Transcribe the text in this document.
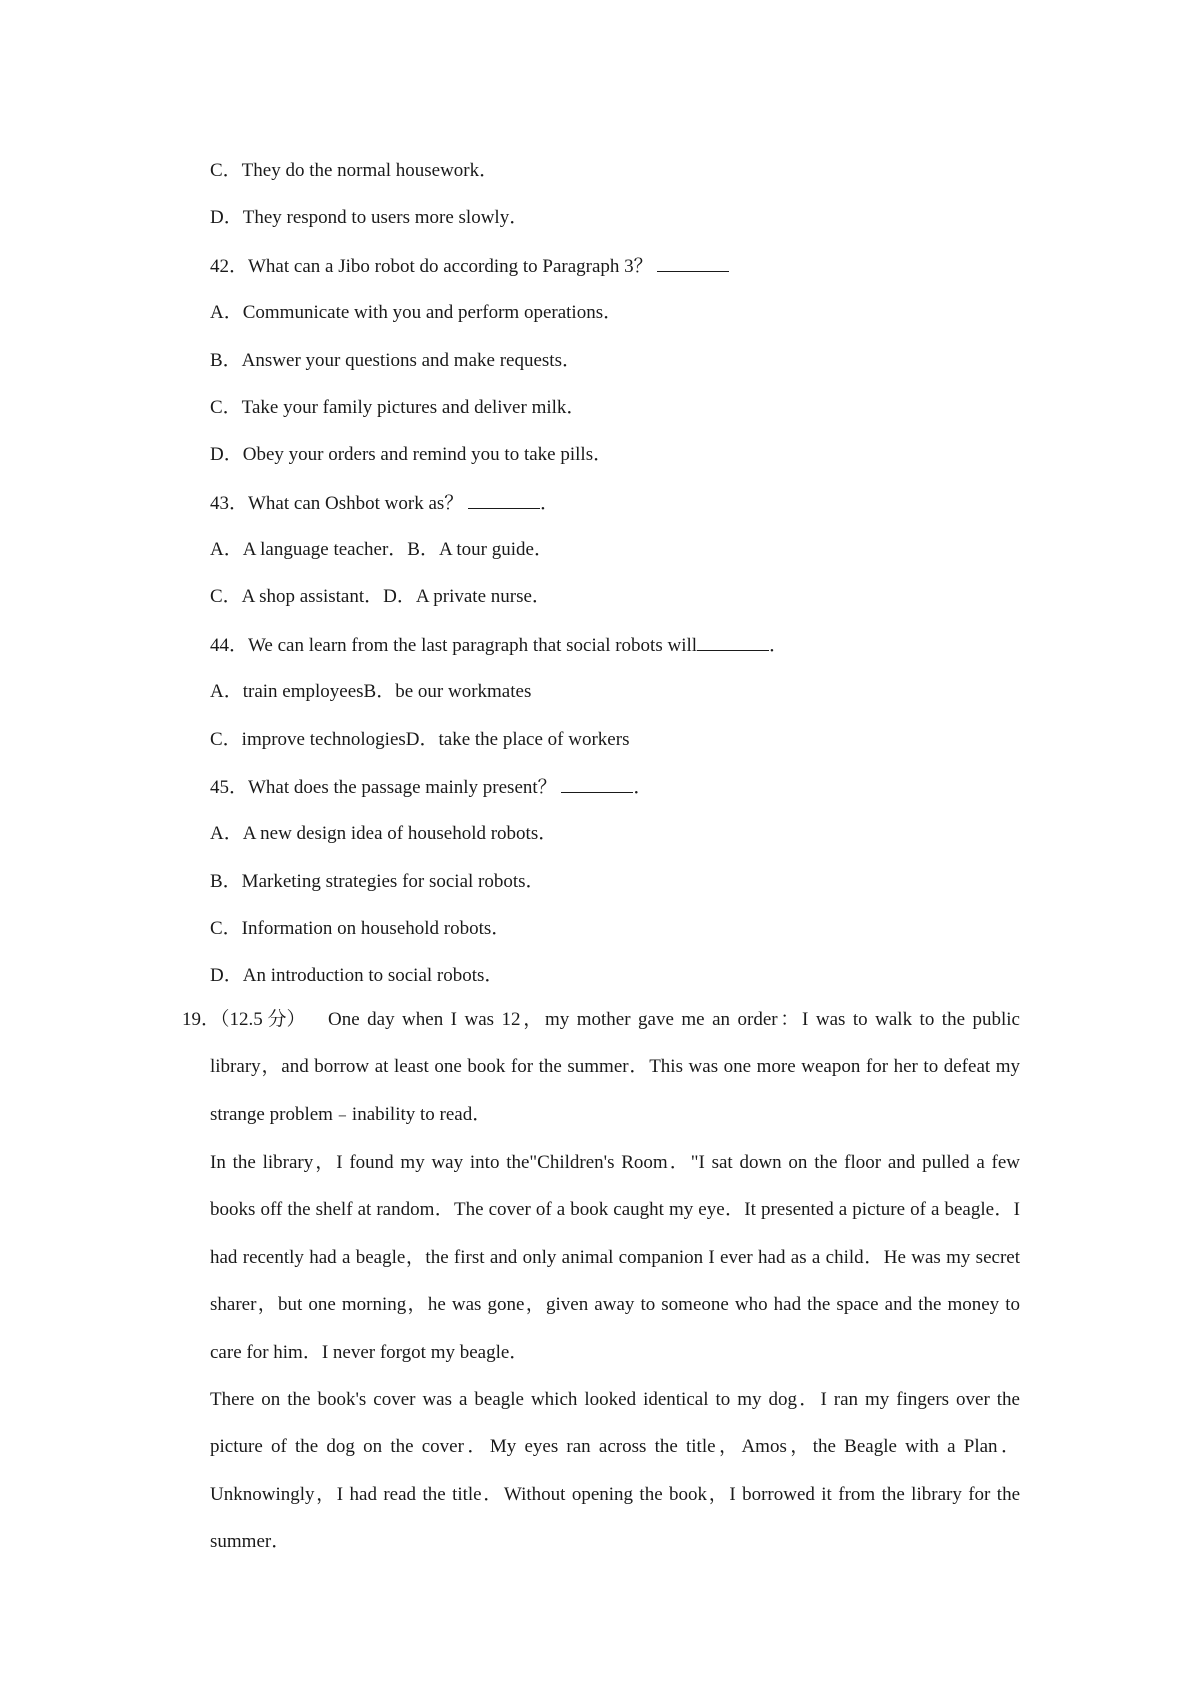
C．They do the normal housework．
D．They respond to users more slowly．
42．What can a Jibo robot do according to Paragraph 3？
A．Communicate with you and perform operations．
B．Answer your questions and make requests．
C．Take your family pictures and deliver milk．
D．Obey your orders and remind you to take pills．
43．What can Oshbot work as？	．
A．A language teacher．B．A tour guide．
C．A shop assistant．D．A private nurse．
44．We can learn from the last paragraph that social robots will	．
A．train employeesB．be our workmates
C．improve technologiesD．take the place of workers
45．What does the passage mainly present？	．
A．A new design idea of household robots．
B．Marketing strategies for social robots．
C．Information on household robots．
D．An introduction to social robots．
19．（12.5 分）	One day when I was 12，my mother gave me an order：I was to walk to the public library，and borrow at least one book for the summer．This was one more weapon for her to defeat my strange problem﹣inability to read．
In the library，I found my way into the"Children's Room．"I sat down on the floor and pulled a few books off the shelf at random．The cover of a book caught my eye．It presented a picture of a beagle．I had recently had a beagle，the first and only animal companion I ever had as a child．He was my secret sharer，but one morning，he was gone，given away to someone who had the space and the money to care for him．I never forgot my beagle．
There on the book's cover was a beagle which looked identical to my dog．I ran my fingers over the picture of the dog on the cover．My eyes ran across the title，Amos，the Beagle with a Plan．Unknowingly，I had read the title．Without opening the book，I borrowed it from the library for the summer．
